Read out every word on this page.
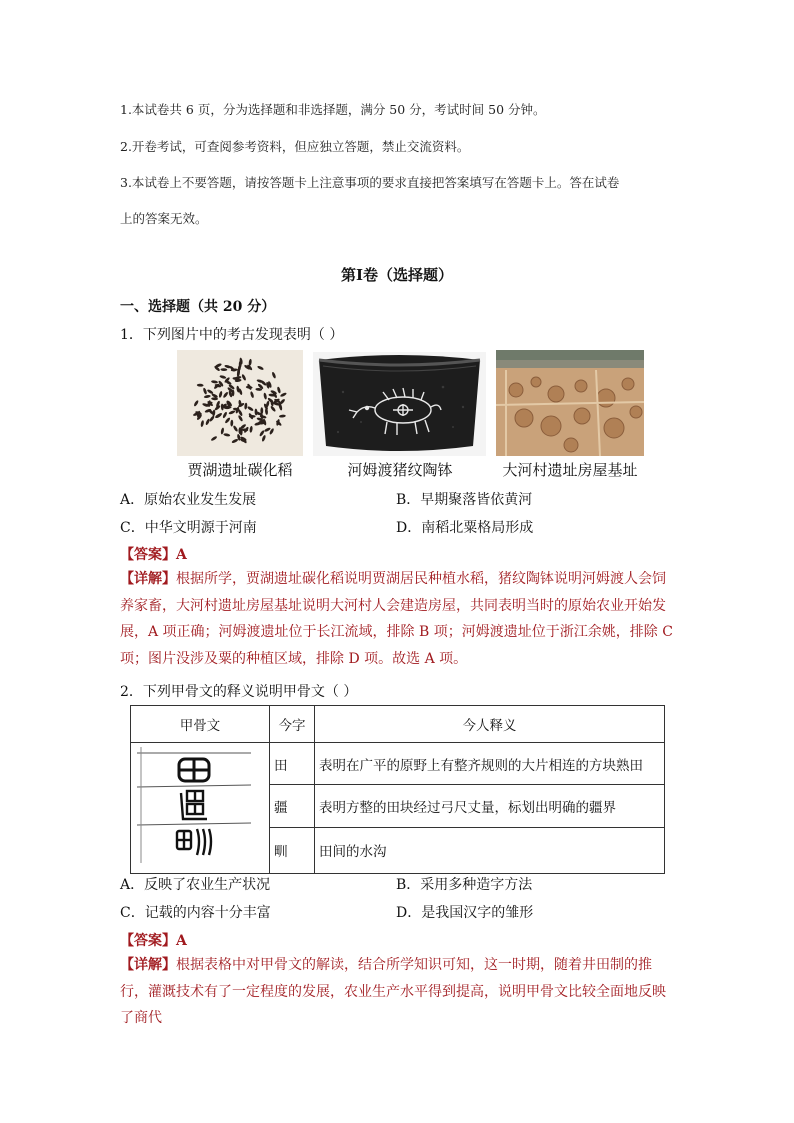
1.本试卷共 6 页，分为选择题和非选择题，满分 50 分，考试时间 50 分钟。
2.开卷考试，可查阅参考资料，但应独立答题，禁止交流资料。
3.本试卷上不要答题，请按答题卡上注意事项的要求直接把答案填写在答题卡上。答在试卷
上的答案无效。
第Ⅰ卷（选择题）
一、选择题（共 20 分）
1．下列图片中的考古发现表明（ ）
贾湖遗址碳化稻	河姆渡猪纹陶钵	大河村遗址房屋基址
A．原始农业发生发展	B．早期聚落皆依黄河
C．中华文明源于河南	D．南稻北粟格局形成
【答案】A
【详解】根据所学，贾湖遗址碳化稻说明贾湖居民种植水稻，猪纹陶钵说明河姆渡人会饲养家畜，大河村遗址房屋基址说明大河村人会建造房屋，共同表明当时的原始农业开始发展，A 项正确；河姆渡遗址位于长江流域，排除 B 项；河姆渡遗址位于浙江余姚，排除 C 项；图片没涉及粟的种植区域，排除 D 项。故选 A 项。
2．下列甲骨文的释义说明甲骨文（ ）
甲骨文	今字	今人释义
	田	表明在广平的原野上有整齐规则的大片相连的方块熟田
	疆	表明方整的田块经过弓尺丈量，标划出明确的疆界
	甽	田间的水沟
A．反映了农业生产状况	B．采用多种造字方法
C．记载的内容十分丰富	D．是我国汉字的雏形
【答案】A
【详解】根据表格中对甲骨文的解读，结合所学知识可知，这一时期，随着井田制的推行，灌溉技术有了一定程度的发展，农业生产水平得到提高，说明甲骨文比较全面地反映了商代
